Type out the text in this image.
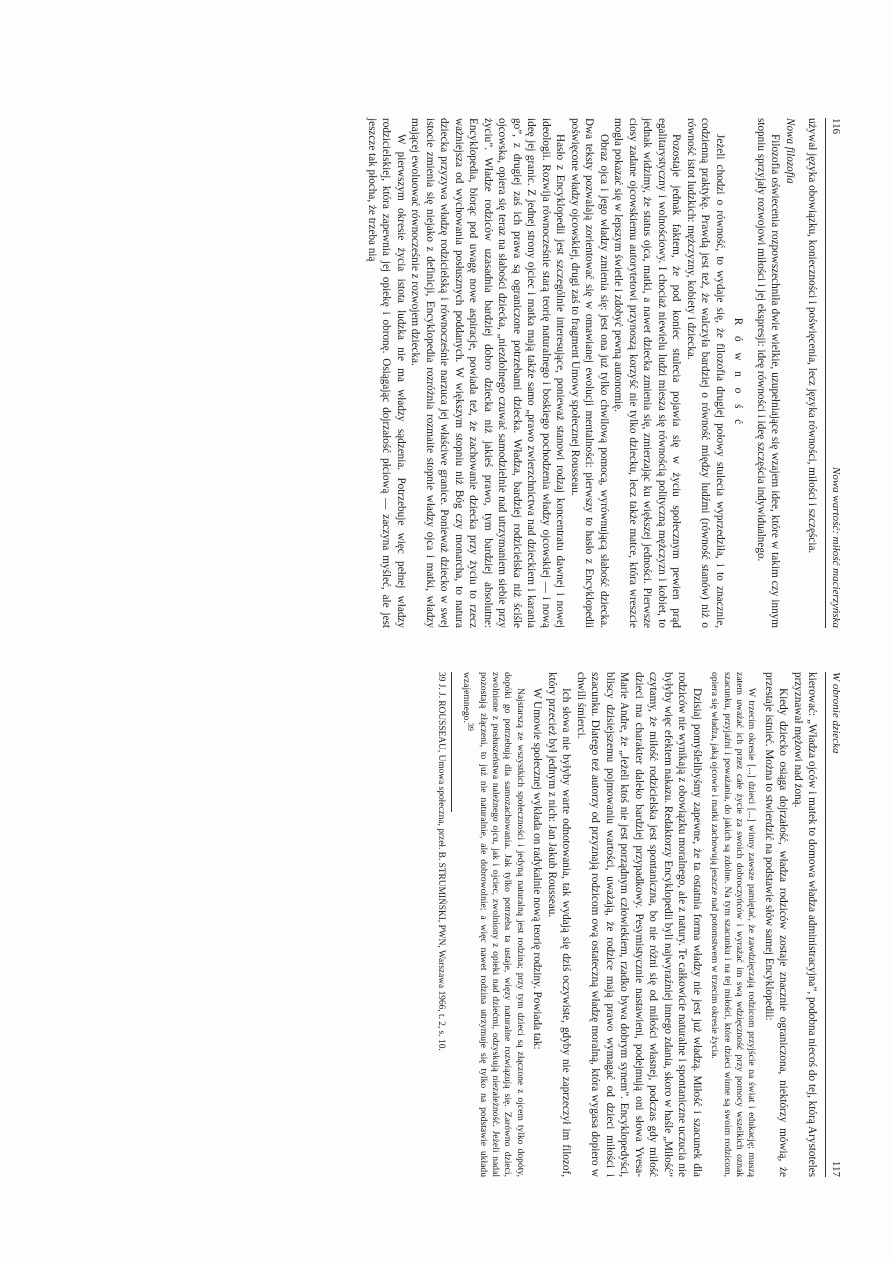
116
Nowa wartość: miłość macierzyńska

używał języka obowiązku, konieczności i poświęcenia, lecz języka równości, miłości i szczęścia.

Nowa filozofia

Filozofia oświecenia rozpowszechniła dwie wielkie, uzupełniające się wzajem idee, które w takim czy innym stopniu sprzyjały rozwojowi miłości i jej ekspresji: ideę równości i ideę szczęścia indywidualnego.

R ó w n o ś ć

Jeżeli chodzi o równość, to wydaje się, że filozofia drugiej połowy stulecia wyprzedziła, i to znacznie, codzienną praktykę. Prawdą jest też, że walczyła bardziej o równość między ludźmi (równość stanów) niż o równość istot ludzkich: mężczyzny, kobiety i dziecka.

Pozostaje jednak faktem, że pod koniec stulecia pojawia się w życiu społecznym pewien prąd egalitarystyczny i wolnościowy. I chociaż niewielu ludzi miesza się równością polityczną mężczyzn i kobiet, to jednak widzimy, że status ojca, matki, a nawet dziecka zmienia się, zmierzając ku większej jedności. Pierwsze ciosy zadane ojcowskiemu autorytetowi przynoszą korzyść nie tylko dziecku, lecz także matce, która wreszcie mogła pokazać się w lepszym świetle i zdobyć pewną autonomię.

Obraz ojca i jego władzy zmienia się: jest ona już tylko chwilową pomocą, wyrównującą słabość dziecka. Dwa teksty pozwalają zorientować się w omawianej ewolucji mentalności: pierwszy to hasło z Encyklopedii poświęcone władzy ojcowskiej, drugi zaś to fragment Umowy społecznej Rousseau.

Hasło z Encyklopedii jest szczególnie interesujące, ponieważ stanowi rodzaj koncentratu dawnej i nowej ideologii. Rozwija równocześnie starą teorię naturalnego i boskiego pochodzenia władzy ojcowskiej — i nową ideę jej granic. Z jednej strony ojciec i matka mają także samo „prawo zwierzchnictwa nad dzieckiem i karania go”, z drugiej zaś ich prawa są ograniczone potrzebami dziecka. Władza, bardziej rodzicielska niż ściśle ojcowska, opiera się teraz na słabości dziecka, „niezdolnego czuwać samodzielnie nad utrzymaniem siebie przy życiu”. Władze rodziców uzasadnia bardziej dobro dziecka niż jakieś prawo, tym bardziej absolutne: Encyklopedia, biorąc pod uwagę nowe aspiracje, powiada też, że zachowanie dziecka przy życiu to rzecz ważniejsza od wychowania posłusznych poddanych. W większym stopniu niż Bóg czy monarcha, to natura dziecka przyzywa władzę rodzicielską i równocześnie narzuca jej właściwe granice. Ponieważ dziecko w swej istocie zmienia się niejako z definicji, Encyklopedia rozróżnia rozmaite stopnie władzy ojca i matki, władzy mającej ewoluować równocześnie z rozwojem dziecka.

W pierwszym okresie życia istota ludzka nie ma władzy sądzenia. Potrzebuje więc pełnej władzy rodzicielskiej, która zapewnia jej opiekę i obronę. Osiągając dojrzałość płciową — zaczyna myśleć, ale jest jeszcze tak płocha, że trzeba nią

W obronie dziecka
117

kierować: „Władza ojców i matek to domowa władza administracyjna”, podobna niecoś do tej, którą Arystoteles przyznawał mężowi nad żoną.

Kiedy dziecko osiąga dojrzałość, władza rodziców zostaje znacznie ograniczona, niektórzy mówią, że przestaje istnieć. Można to stwierdzić na podstawie słów samej Encyklopedii:

W trzecim okresie [...] dzieci [...] winny zawsze pamiętać, że zawdzięczają rodzicom przyjście na świat i edukację; muszą zatem uważać ich przez całe życie za swoich dobroczyńców i wyrażać im swą wdzięczność przy pomocy wszelkich oznak szacunku, przyjaźni i poważania, do jakich są zdolne. Na tym szacunku i na tej miłości, które dzieci winne są swoim rodzicom, opiera się władza, jaką ojcowie i matki zachowują jeszcze nad potomstwem w trzecim okresie życia.

Dzisiaj pomyślelibyśmy zapewne, że ta ostatnia forma władzy nie jest już władzą. Miłość i szacunek dla rodziców nie wynikają z obowiązku moralnego, ale z natury. Te całkowicie naturalne i spontaniczne uczucia nie byłyby więc efektem nakazu. Redaktorzy Encyklopedii byli najwyraźniej innego zdania, skoro w haśle „Miłość” czytamy, że miłość rodzicielska jest spontaniczna, bo nie różni się od miłości własnej, podczas gdy miłość dzieci ma charakter daleko bardziej przypadkowy. Pesymistycznie nastawieni, podejmują oni słowa Yvesa-Marie Andre, że „Jeżeli ktoś nie jest porządnym człowiekiem, rzadko bywa dobrym synem”. Encyklopedyści, bliscy dzisiejszemu pojmowaniu wartości, uważają, że rodzice mają prawo wymagać od dzieci miłości i szacunku. Dlatego też autorzy od przyznają rodzicom ową ostateczną władzę moralną, która wygasa dopiero w chwili śmierci.

Ich słowa nie byłyby warte odnotowania, tak wydają się dziś oczywiste, gdyby nie zaprzeczył im filozof, który przecież był jednym z nich: Jan Jakub Rousseau.

W Umowie społecznej wykłada on radykalnie nową teorię rodziny. Powiada tak:

Najstarszą ze wszystkich społeczności i jedyną naturalną jest rodzina; przy tym dzieci są złączone z ojcem tylko dopóty, dopóki go potrzebują dla samozachowania. Jak tylko potrzeba ta ustaje, więzy naturalne rozwiązują się. Zarówno dzieci, zwolnione z posłuszeństwa należnego ojcu, jak i ojciec, zwolniony z opieki nad dziećmi, odzyskują niezależność. Jeżeli nadal pozostają złączeni, to już nie naturalnie, ale dobrowolnie; a więc nawet rodzina utrzymuje się tylko na podstawie układu wzajemnego.$^{39}$

39 J. J. ROUSSEAU, Umowa społeczna, przeł. B. STRUMIŃSKI, PWN, Warszawa 1966, t. 2, s. 10.
